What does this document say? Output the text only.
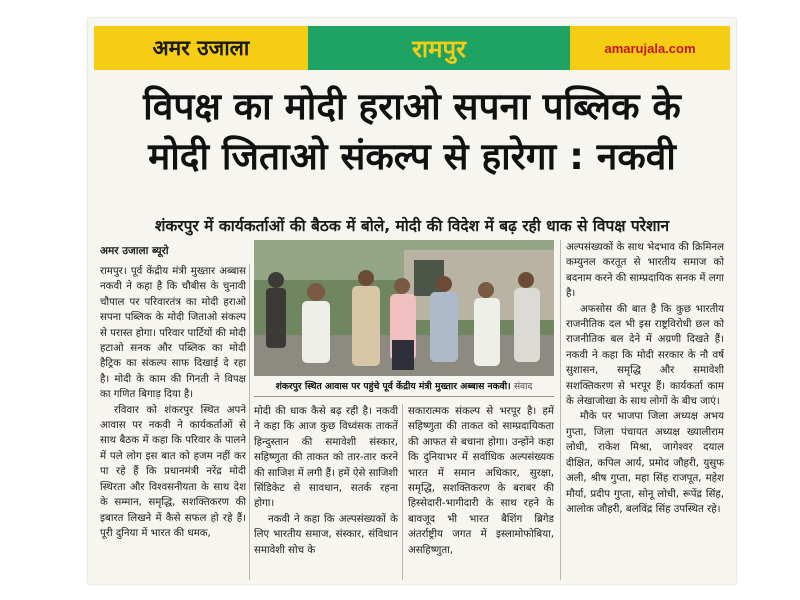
अमर उजाला	रामपुर	amarujala.com
विपक्ष का मोदी हराओ सपना पब्लिक के
मोदी जिताओ संकल्प से हारेगा : नकवी
शंकरपुर में कार्यकर्ताओं की बैठक में बोले, मोदी की विदेश में बढ़ रही धाक से विपक्ष परेशान
अमर उजाला ब्यूरो

रामपुर। पूर्व केंद्रीय मंत्री मुख्तार अब्बास नकवी ने कहा है कि चौबीस के चुनावी चौपाल पर परिवारतंत्र का मोदी हराओ सपना पब्लिक के मोदी जिताओ संकल्प से परास्त होगा। परिवार पार्टियों की मोदी हटाओ सनक और पब्लिक का मोदी हैट्रिक का संकल्प साफ दिखाई दे रहा है। मोदी के काम की गिनती ने विपक्ष का गणित बिगाड़ दिया है।

रविवार को शंकरपुर स्थित अपने आवास पर नकवी ने कार्यकर्ताओं से साथ बैठक में कहा कि परिवार के पालने में पले लोग इस बात को हजम नहीं कर पा रहे हैं कि प्रधानमंत्री नरेंद्र मोदी स्थिरता और विश्वसनीयता के साथ देश के सम्मान, समृद्धि, सशक्तिकरण की इबारत लिखने में कैसे सफल हो रहे हैं। पूरी दुनिया में भारत की धमक,

शंकरपुर स्थित आवास पर पहुंचे पूर्व केंद्रीय मंत्री मुख्तार अब्बास नकवी। संवाद

मोदी की धाक कैसे बढ़ रही है। नकवी ने कहा कि आज कुछ विध्वंसक ताकतें हिन्दुस्तान की समावेशी संस्कार, सहिष्णुता की ताकत को तार-तार करने की साजिश में लगी हैं। हमें ऐसे साजिशी सिंडिकेट से सावधान, सतर्क रहना होगा।

नकवी ने कहा कि अल्पसंख्यकों के लिए भारतीय समाज, संस्कार, संविधान समावेशी सोच के

सकारात्मक संकल्प से भरपूर है। हमें सहिष्णुता की ताकत को साम्प्रदायिकता की आफत से बचाना होगा। उन्होंने कहा कि दुनियाभर में सर्वाधिक अल्पसंख्यक भारत में समान अधिकार, सुरक्षा, समृद्धि, सशक्तिकरण के बराबर की हिस्सेदारी-भागीदारी के साथ रहने के बावजूद भी भारत बैशिंग ब्रिगेड अंतर्राष्ट्रीय जगत में इस्लामोफोबिया, असहिष्णुता,

अल्पसंख्यकों के साथ भेदभाव की क्रिमिनल कम्युनल करतूत से भारतीय समाज को बदनाम करने की साम्प्रदायिक सनक में लगा है।

अफसोस की बात है कि कुछ भारतीय राजनीतिक दल भी इस राष्ट्रविरोधी छल को राजनीतिक बल देने में अग्रणी दिखते हैं। नकवी ने कहा कि मोदी सरकार के नौ वर्ष सुशासन, समृद्धि और समावेशी सशक्तिकरण से भरपूर हैं। कार्यकर्ता काम के लेखाजोखा के साथ लोगों के बीच जाएं।

मौके पर भाजपा जिला अध्यक्ष अभय गुप्ता, जिला पंचायत अध्यक्ष ख्यालीराम लोधी, राकेश मिश्रा, जागेश्वर दयाल दीक्षित, कपिल आर्य, प्रमोद जौहरी, युसुफ अली, श्रीष गुप्ता, महा सिंह राजपूत, महेश मौर्या, प्रदीप गुप्ता, सोनू लोधी, रूपेंद्र सिंह, आलोक जौहरी, बलविंद्र सिंह उपस्थित रहे।
